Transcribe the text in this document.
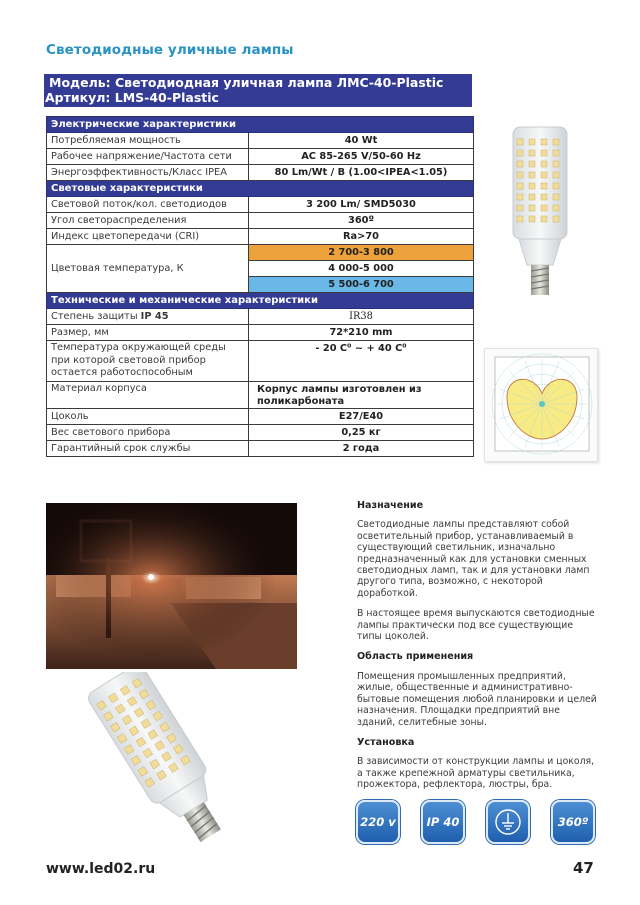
Светодиодные уличные лампы
Модель: Светодиодная уличная лампа ЛМС-40-Plastic
Артикул: LMS-40-Plastic
Электрические характеристики	
Потребляемая мощность	40 Wt
Рабочее напряжение/Частота сети	AC 85-265 V/50-60 Hz
Энергоэффективность/Класс IPEA	80 Lm/Wt / B (1.00<IPEA<1.05)
Световые характеристики	
Световой поток/кол. светодиодов	3 200 Lm/ SMD5030
Угол светораспределения	360º
Индекс цветопередачи (CRI)	Ra>70
Цветовая температура, К	2 700-3 800
	4 000-5 000
	5 500-6 700
Технические и механические характеристики	
Степень защиты IP 45	IR38
Размер, мм	72*210 mm
Температура окружающей среды при которой световой прибор остается работоспособным	- 20 C⁰ ~ + 40 C⁰
Материал корпуса	Корпус лампы изготовлен из поликарбоната
Цоколь	E27/E40
Вес светового прибора	0,25 кг
Гарантийный срок службы	2 года
Назначение

Светодиодные лампы представляют собой осветительный прибор, устанавливаемый в существующий светильник, изначально предназначенный как для установки сменных светодиодных ламп, так и для установки ламп другого типа, возможно, с некоторой доработкой.

В настоящее время выпускаются светодиодные лампы практически под все существующие типы цоколей.

Область применения

Помещения промышленных предприятий, жилые, общественные и административно-бытовые помещения любой планировки и целей назначения. Площадки предприятий вне зданий, селитебные зоны.

Установка

В зависимости от конструкции лампы и цоколя, а также крепежной арматуры светильника, прожектора, рефлектора, люстры, бра.

220 v	IP 40	360º
www.led02.ru	47
